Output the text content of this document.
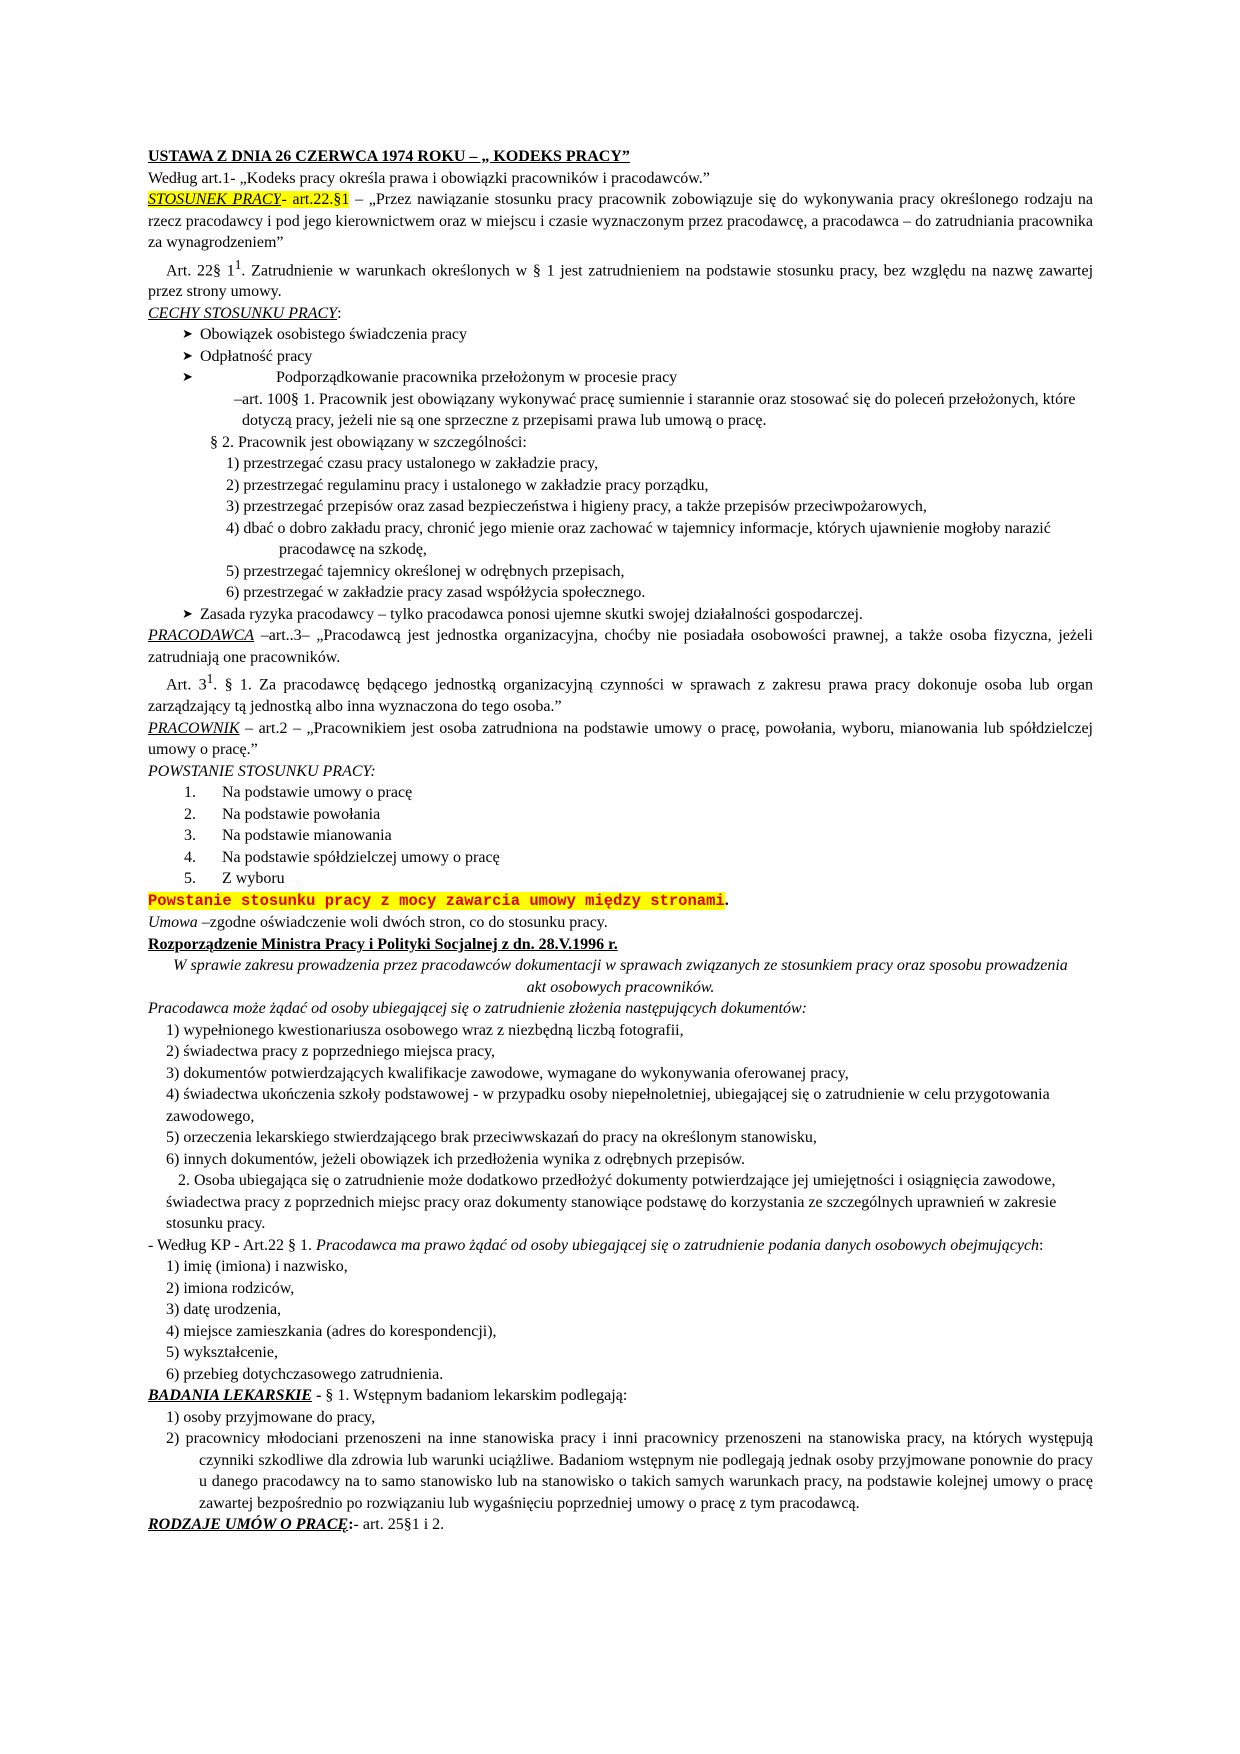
USTAWA Z DNIA 26 CZERWCA 1974 ROKU – „ KODEKS PRACY”

Według art.1- „Kodeks pracy określa prawa i obowiązki pracowników i pracodawców.”

STOSUNEK PRACY- art.22.§1 – „Przez nawiązanie stosunku pracy pracownik zobowiązuje się do wykonywania pracy określonego rodzaju na rzecz pracodawcy i pod jego kierownictwem oraz w miejscu i czasie wyznaczonym przez pracodawcę, a pracodawca – do zatrudniania pracownika za wynagrodzeniem”

Art. 22§ $1^1$. Zatrudnienie w warunkach określonych w § 1 jest zatrudnieniem na podstawie stosunku pracy, bez względu na nazwę zawartej przez strony umowy.

CECHY STOSUNKU PRACY:

➤ Obowiązek osobistego świadczenia pracy
➤ Odpłatność pracy
➤	Podporządkowanie pracownika przełożonym w procesie pracy

–art. 100§ 1. Pracownik jest obowiązany wykonywać pracę sumiennie i starannie oraz stosować się do poleceń przełożonych, które dotyczą pracy, jeżeli nie są one sprzeczne z przepisami prawa lub umową o pracę.

§ 2. Pracownik jest obowiązany w szczególności:

1) przestrzegać czasu pracy ustalonego w zakładzie pracy,

2) przestrzegać regulaminu pracy i ustalonego w zakładzie pracy porządku,

3) przestrzegać przepisów oraz zasad bezpieczeństwa i higieny pracy, a także przepisów przeciwpożarowych,

4) dbać o dobro zakładu pracy, chronić jego mienie oraz zachować w tajemnicy informacje, których ujawnienie mogłoby narazić pracodawcę na szkodę,

5) przestrzegać tajemnicy określonej w odrębnych przepisach,

6) przestrzegać w zakładzie pracy zasad współżycia społecznego.

➤ Zasada ryzyka pracodawcy – tylko pracodawca ponosi ujemne skutki swojej działalności gospodarczej.

PRACODAWCA –art..3– „Pracodawcą jest jednostka organizacyjna, choćby nie posiadała osobowości prawnej, a także osoba fizyczna, jeżeli zatrudniają one pracowników.

Art. $3^1$. § 1. Za pracodawcę będącego jednostką organizacyjną czynności w sprawach z zakresu prawa pracy dokonuje osoba lub organ zarządzający tą jednostką albo inna wyznaczona do tego osoba.”

PRACOWNIK – art.2 – „Pracownikiem jest osoba zatrudniona na podstawie umowy o pracę, powołania, wyboru, mianowania lub spółdzielczej umowy o pracę.”

POWSTANIE STOSUNKU PRACY:

1. Na podstawie umowy o pracę

2. Na podstawie powołania

3. Na podstawie mianowania

4. Na podstawie spółdzielczej umowy o pracę

5. Z wyboru

Powstanie stosunku pracy z mocy zawarcia umowy między stronami.

Umowa –zgodne oświadczenie woli dwóch stron, co do stosunku pracy.

Rozporządzenie Ministra Pracy i Polityki Socjalnej z dn. 28.V.1996 r.

W sprawie zakresu prowadzenia przez pracodawców dokumentacji w sprawach związanych ze stosunkiem pracy oraz sposobu prowadzenia akt osobowych pracowników.

Pracodawca może żądać od osoby ubiegającej się o zatrudnienie złożenia następujących dokumentów:

1) wypełnionego kwestionariusza osobowego wraz z niezbędną liczbą fotografii,

2) świadectwa pracy z poprzedniego miejsca pracy,

3) dokumentów potwierdzających kwalifikacje zawodowe, wymagane do wykonywania oferowanej pracy,

4) świadectwa ukończenia szkoły podstawowej - w przypadku osoby niepełnoletniej, ubiegającej się o zatrudnienie w celu przygotowania zawodowego,

5) orzeczenia lekarskiego stwierdzającego brak przeciwwskazań do pracy na określonym stanowisku,

6) innych dokumentów, jeżeli obowiązek ich przedłożenia wynika z odrębnych przepisów.

2. Osoba ubiegająca się o zatrudnienie może dodatkowo przedłożyć dokumenty potwierdzające jej umiejętności i osiągnięcia zawodowe, świadectwa pracy z poprzednich miejsc pracy oraz dokumenty stanowiące podstawę do korzystania ze szczególnych uprawnień w zakresie stosunku pracy.

- Według KP - Art.22 § 1. Pracodawca ma prawo żądać od osoby ubiegającej się o zatrudnienie podania danych osobowych obejmujących:

1) imię (imiona) i nazwisko,

2) imiona rodziców,

3) datę urodzenia,

4) miejsce zamieszkania (adres do korespondencji),

5) wykształcenie,

6) przebieg dotychczasowego zatrudnienia.

BADANIA LEKARSKIE - § 1. Wstępnym badaniom lekarskim podlegają:

1) osoby przyjmowane do pracy,

2) pracownicy młodociani przenoszeni na inne stanowiska pracy i inni pracownicy przenoszeni na stanowiska pracy, na których występują czynniki szkodliwe dla zdrowia lub warunki uciążliwe. Badaniom wstępnym nie podlegają jednak osoby przyjmowane ponownie do pracy u danego pracodawcy na to samo stanowisko lub na stanowisko o takich samych warunkach pracy, na podstawie kolejnej umowy o pracę zawartej bezpośrednio po rozwiązaniu lub wygaśnięciu poprzedniej umowy o pracę z tym pracodawcą.

RODZAJE UMÓW O PRACĘ:- art. 25§1 i 2.
